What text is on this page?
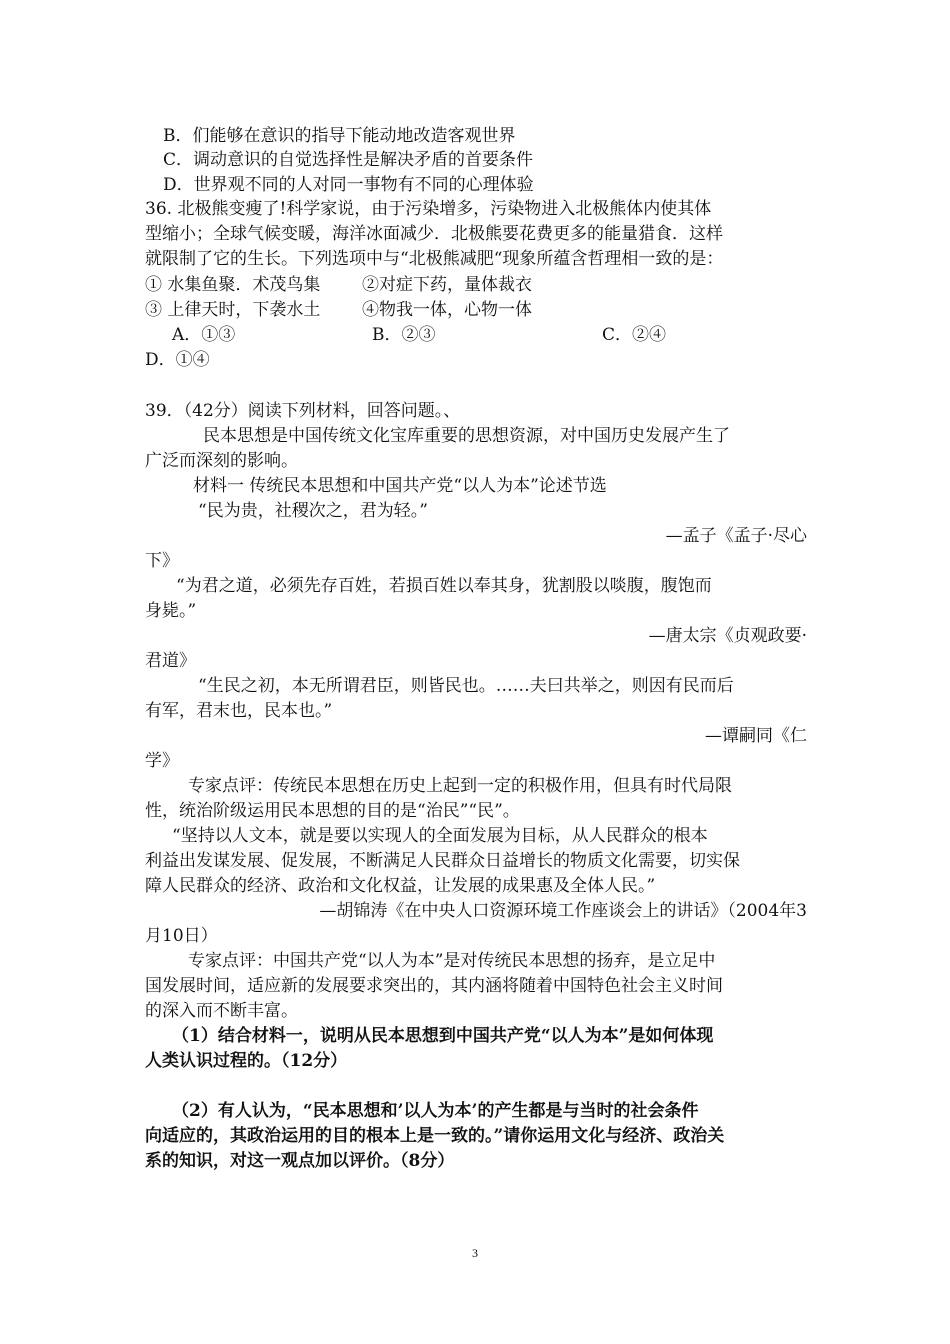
B．们能够在意识的指导下能动地改造客观世界
C．调动意识的自觉选择性是解决矛盾的首要条件
D．世界观不同的人对同一事物有不同的心理体验
36. 北极熊变瘦了!科学家说，由于污染增多，污染物进入北极熊体内使其体
型缩小；全球气候变暖，海洋冰面减少．北极熊要花费更多的能量猎食．这样
就限制了它的生长。下列选项中与“北极熊减肥“现象所蕴含哲理相一致的是：
① 水集鱼聚．术茂鸟集 ②对症下药，量体裁衣
③ 上律天时，下袭水土 ④物我一体，心物一体
A．①③	B．②③	C．②④
D．①④
39．（42分）阅读下列材料，回答问题。、
民本思想是中国传统文化宝库重要的思想资源，对中国历史发展产生了
广泛而深刻的影响。
材料一 传统民本思想和中国共产党“以人为本”论述节选
“民为贵，社稷次之，君为轻。”
—孟子《孟子·尽心
下》
“为君之道，必须先存百姓，若损百姓以奉其身，犹割股以啖腹，腹饱而
身毙。”
—唐太宗《贞观政要·
君道》
“生民之初，本无所谓君臣，则皆民也。……夫曰共举之，则因有民而后
有军，君末也，民本也。”
—谭嗣同《仁
学》
专家点评：传统民本思想在历史上起到一定的积极作用，但具有时代局限
性，统治阶级运用民本思想的目的是“治民”“民”。
“坚持以人文本，就是要以实现人的全面发展为目标，从人民群众的根本
利益出发谋发展、促发展，不断满足人民群众日益增长的物质文化需要，切实保
障人民群众的经济、政治和文化权益，让发展的成果惠及全体人民。”
—胡锦涛《在中央人口资源环境工作座谈会上的讲话》（2004年3
月10日）
专家点评：中国共产党“以人为本”是对传统民本思想的扬弃，是立足中
国发展时间，适应新的发展要求突出的，其内涵将随着中国特色社会主义时间
的深入而不断丰富。
（1）结合材料一，说明从民本思想到中国共产党“以人为本”是如何体现
人类认识过程的。（12分）
（2）有人认为，“民本思想和’以人为本’的产生都是与当时的社会条件
向适应的，其政治运用的目的根本上是一致的。”请你运用文化与经济、政治关
系的知识，对这一观点加以评价。（8分）
3
